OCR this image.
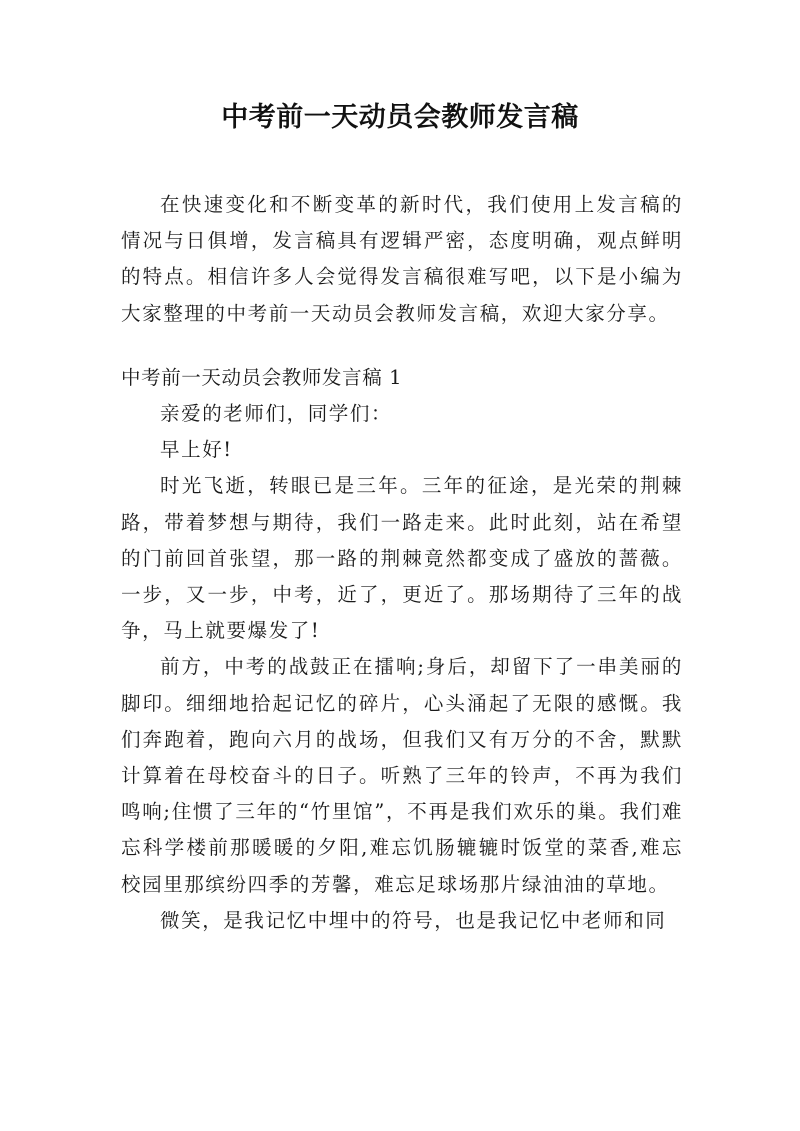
中考前一天动员会教师发言稿

在快速变化和不断变革的新时代，我们使用上发言稿的情况与日俱增，发言稿具有逻辑严密，态度明确，观点鲜明的特点。相信许多人会觉得发言稿很难写吧，以下是小编为大家整理的中考前一天动员会教师发言稿，欢迎大家分享。

中考前一天动员会教师发言稿 1

亲爱的老师们，同学们：

早上好!

时光飞逝，转眼已是三年。三年的征途，是光荣的荆棘路，带着梦想与期待，我们一路走来。此时此刻，站在希望的门前回首张望，那一路的荆棘竟然都变成了盛放的蔷薇。一步，又一步，中考，近了，更近了。那场期待了三年的战争，马上就要爆发了!

前方，中考的战鼓正在擂响;身后，却留下了一串美丽的脚印。细细地拾起记忆的碎片，心头涌起了无限的感慨。我们奔跑着，跑向六月的战场，但我们又有万分的不舍，默默计算着在母校奋斗的日子。听熟了三年的铃声，不再为我们鸣响;住惯了三年的“竹里馆”，不再是我们欢乐的巢。我们难忘科学楼前那暖暖的夕阳,难忘饥肠辘辘时饭堂的菜香,难忘校园里那缤纷四季的芳馨，难忘足球场那片绿油油的草地。

微笑，是我记忆中埋中的符号，也是我记忆中老师和同
